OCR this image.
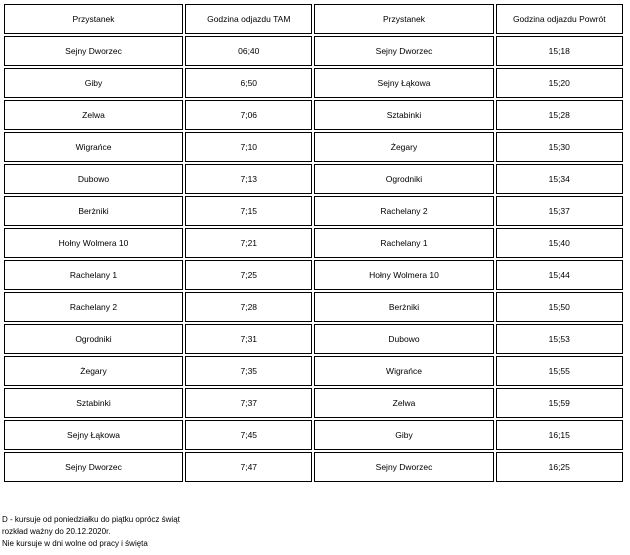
Przystanek	Godzina odjazdu TAM	Przystanek	Godzina odjazdu Powrót
Sejny Dworzec	06;40	Sejny Dworzec	15;18
Giby	6;50	Sejny Łąkowa	15;20
Zelwa	7;06	Sztabinki	15;28
Wigrańce	7;10	Żegary	15;30
Dubowo	7;13	Ogrodniki	15;34
Berżniki	7;15	Rachelany 2	15;37
Hołny Wolmera 10	7;21	Rachelany 1	15;40
Rachelany 1	7;25	Hołny Wolmera 10	15;44
Rachelany 2	7;28	Berżniki	15;50
Ogrodniki	7;31	Dubowo	15;53
Żegary	7;35	Wigrańce	15;55
Sztabinki	7;37	Zelwa	15;59
Sejny Łąkowa	7;45	Giby	16;15
Sejny Dworzec	7;47	Sejny Dworzec	16;25
D - kursuje od poniedziałku do piątku oprócz świąt
rozkład ważny do 20.12.2020r.
Nie kursuje w dni wolne od pracy i święta
